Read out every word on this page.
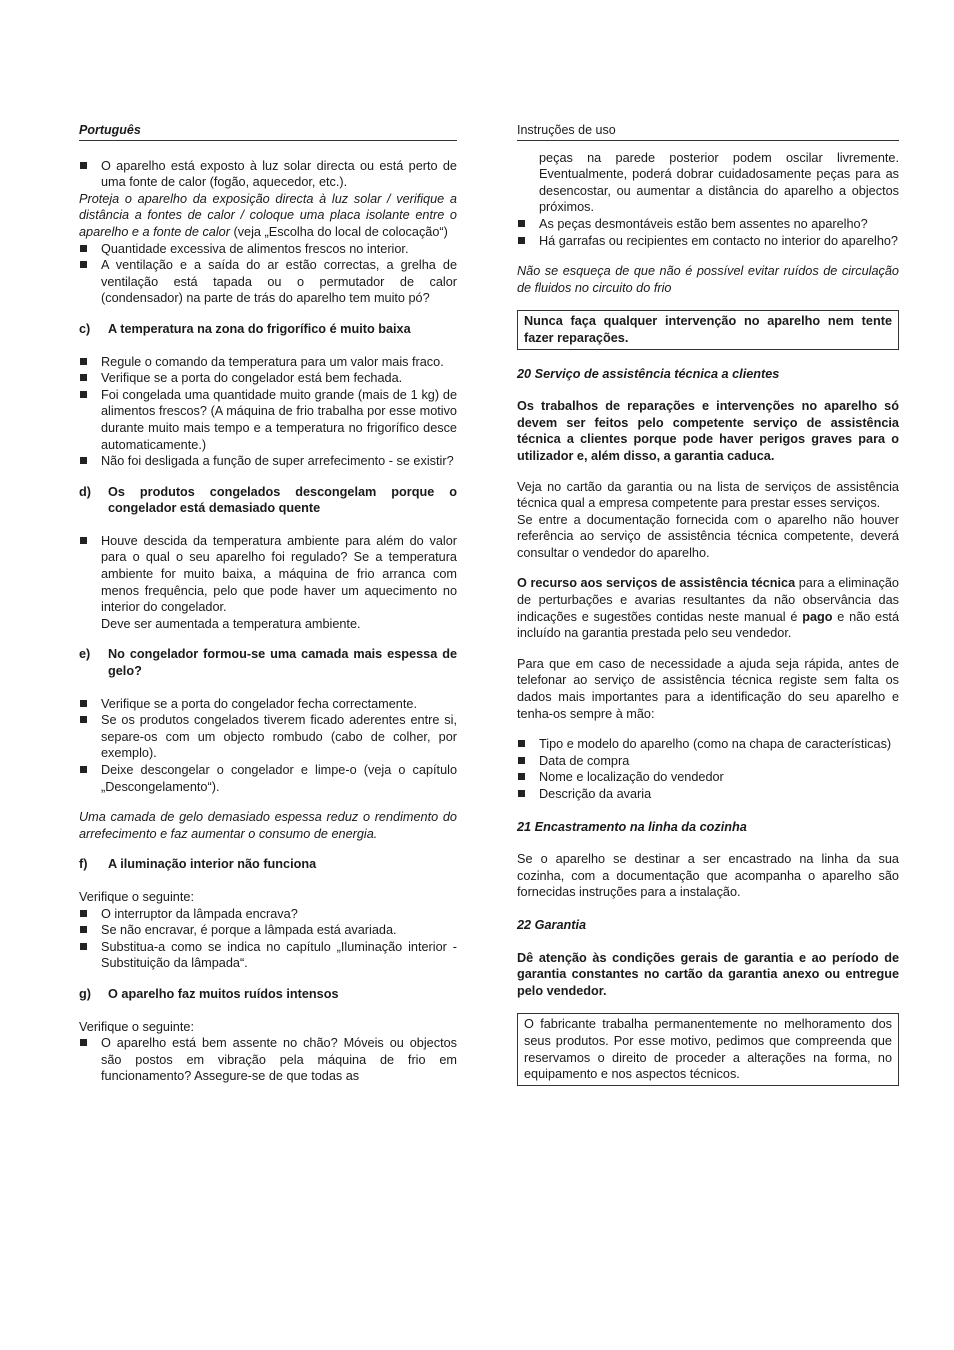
Português
O aparelho está exposto à luz solar directa ou está perto de uma fonte de calor (fogão, aquecedor, etc.).

Proteja o aparelho da exposição directa à luz solar / verifique a distância a fontes de calor / coloque uma placa isolante entre o aparelho e a fonte de calor (veja „Escolha do local de colocação“)

Quantidade excessiva de alimentos frescos no interior.
A ventilação e a saída do ar estão correctas, a grelha de ventilação está tapada ou o permutador de calor (condensador) na parte de trás do aparelho tem muito pó?
c)	A temperatura na zona do frigorífico é muito baixa
Regule o comando da temperatura para um valor mais fraco.
Verifique se a porta do congelador está bem fechada.
Foi congelada uma quantidade muito grande (mais de 1 kg) de alimentos frescos? (A máquina de frio trabalha por esse motivo durante muito mais tempo e a temperatura no frigorífico desce automaticamente.)
Não foi desligada a função de super arrefecimento - se existir?
d)	Os produtos congelados descongelam porque o congelador está demasiado quente
Houve descida da temperatura ambiente para além do valor para o qual o seu aparelho foi regulado? Se a temperatura ambiente for muito baixa, a máquina de frio arranca com menos frequência, pelo que pode haver um aquecimento no interior do congelador.
Deve ser aumentada a temperatura ambiente.
e)	No congelador formou-se uma camada mais espessa de gelo?
Verifique se a porta do congelador fecha correctamente.
Se os produtos congelados tiverem ficado aderentes entre si, separe-os com um objecto rombudo (cabo de colher, por exemplo).
Deixe descongelar o congelador e limpe-o (veja o capítulo „Descongelamento“).

Uma camada de gelo demasiado espessa reduz o rendimento do arrefecimento e faz aumentar o consumo de energia.

f)	A iluminação interior não funciona

Verifique o seguinte:

O interruptor da lâmpada encrava?
Se não encravar, é porque a lâmpada está avariada.
Substitua-a como se indica no capítulo „Iluminação interior - Substituição da lâmpada“.
g)	O aparelho faz muitos ruídos intensos

Verifique o seguinte:

O aparelho está bem assente no chão? Móveis ou objectos são postos em vibração pela máquina de frio em funcionamento? Assegure-se de que todas as
Instruções de uso

peças na parede posterior podem oscilar livremente. Eventualmente, poderá dobrar cuidadosamente peças para as desencostar, ou aumentar a distância do aparelho a objectos próximos.

As peças desmontáveis estão bem assentes no aparelho?
Há garrafas ou recipientes em contacto no interior do aparelho?

Não se esqueça de que não é possível evitar ruídos de circulação de fluidos no circuito do frio

Nunca faça qualquer intervenção no aparelho nem tente fazer reparações.

20 Serviço de assistência técnica a clientes

Os trabalhos de reparações e intervenções no aparelho só devem ser feitos pelo competente serviço de assistência técnica a clientes porque pode haver perigos graves para o utilizador e, além disso, a garantia caduca.

Veja no cartão da garantia ou na lista de serviços de assistência técnica qual a empresa competente para prestar esses serviços.

Se entre a documentação fornecida com o aparelho não houver referência ao serviço de assistência técnica competente, deverá consultar o vendedor do aparelho.

O recurso aos serviços de assistência técnica para a eliminação de perturbações e avarias resultantes da não observância das indicações e sugestões contidas neste manual é pago e não está incluído na garantia prestada pelo seu vendedor.

Para que em caso de necessidade a ajuda seja rápida, antes de telefonar ao serviço de assistência técnica registe sem falta os dados mais importantes para a identificação do seu aparelho e tenha-os sempre à mão:

Tipo e modelo do aparelho (como na chapa de características)
Data de compra
Nome e localização do vendedor
Descrição da avaria
21 Encastramento na linha da cozinha

Se o aparelho se destinar a ser encastrado na linha da sua cozinha, com a documentação que acompanha o aparelho são fornecidas instruções para a instalação.

22 Garantia

Dê atenção às condições gerais de garantia e ao período de garantia constantes no cartão da garantia anexo ou entregue pelo vendedor.

O fabricante trabalha permanentemente no melhoramento dos seus produtos. Por esse motivo, pedimos que compreenda que reservamos o direito de proceder a alterações na forma, no equipamento e nos aspectos técnicos.
